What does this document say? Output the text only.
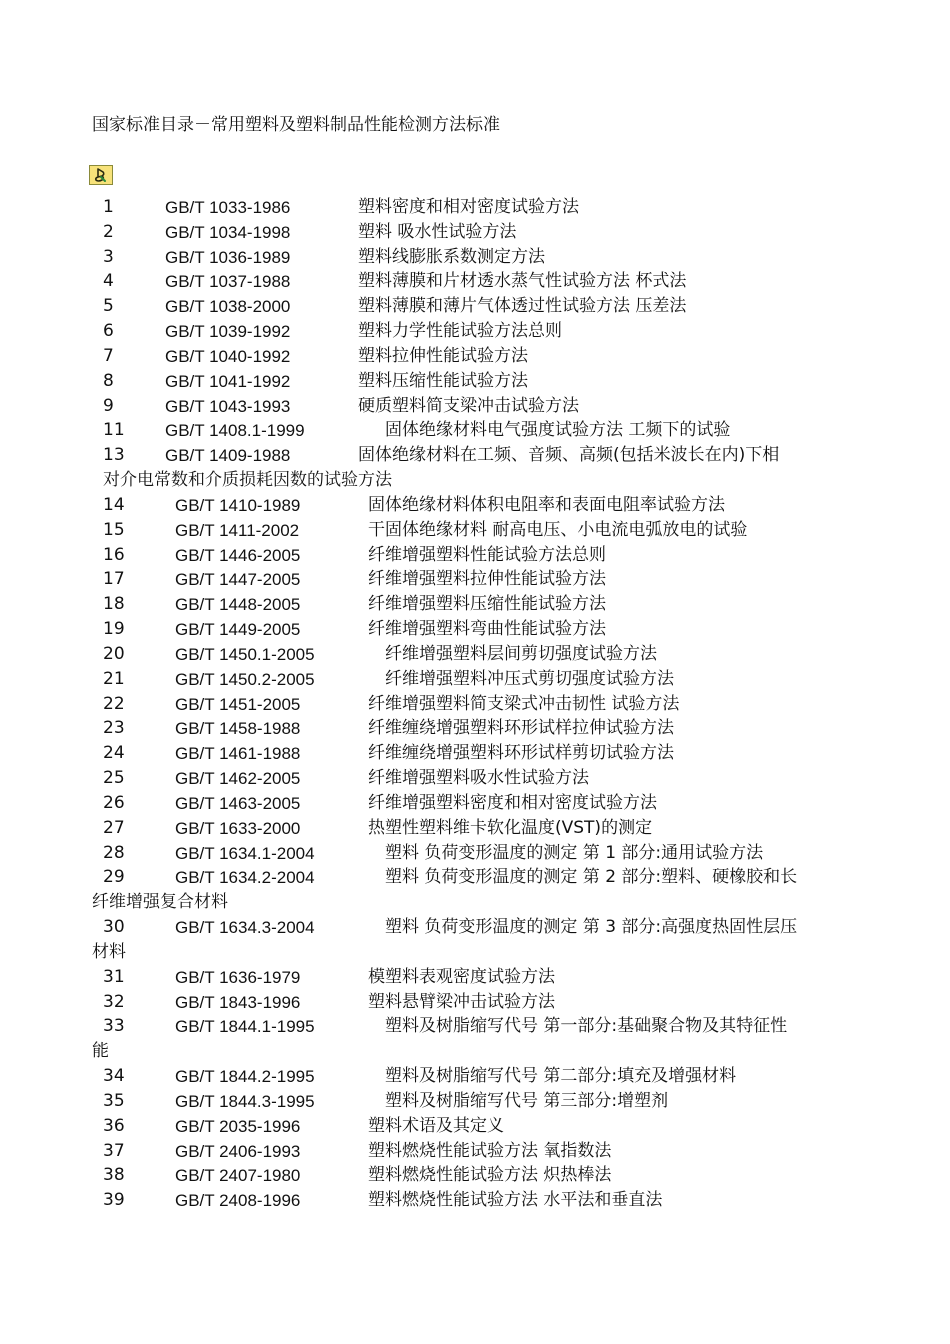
国家标准目录－常用塑料及塑料制品性能检测方法标准
1	GB/T 1033-1986	塑料密度和相对密度试验方法
2	GB/T 1034-1998	塑料 吸水性试验方法
3	GB/T 1036-1989	塑料线膨胀系数测定方法
4	GB/T 1037-1988	塑料薄膜和片材透水蒸气性试验方法 杯式法
5	GB/T 1038-2000	塑料薄膜和薄片气体透过性试验方法 压差法
6	GB/T 1039-1992	塑料力学性能试验方法总则
7	GB/T 1040-1992	塑料拉伸性能试验方法
8	GB/T 1041-1992	塑料压缩性能试验方法
9	GB/T 1043-1993	硬质塑料简支梁冲击试验方法
11 GB/T 1408.1-1999	固体绝缘材料电气强度试验方法 工频下的试验
13 GB/T 1409-1988	固体绝缘材料在工频、音频、高频(包括米波长在内)下相
对介电常数和介质损耗因数的试验方法
14	GB/T 1410-1989	固体绝缘材料体积电阻率和表面电阻率试验方法
15	GB/T 1411-2002	干固体绝缘材料 耐高电压、小电流电弧放电的试验
16	GB/T 1446-2005	纤维增强塑料性能试验方法总则
17	GB/T 1447-2005	纤维增强塑料拉伸性能试验方法
18	GB/T 1448-2005	纤维增强塑料压缩性能试验方法
19	GB/T 1449-2005	纤维增强塑料弯曲性能试验方法
20	GB/T 1450.1-2005	纤维增强塑料层间剪切强度试验方法
21	GB/T 1450.2-2005	纤维增强塑料冲压式剪切强度试验方法
22	GB/T 1451-2005	纤维增强塑料简支梁式冲击韧性 试验方法
23	GB/T 1458-1988	纤维缠绕增强塑料环形试样拉伸试验方法
24	GB/T 1461-1988	纤维缠绕增强塑料环形试样剪切试验方法
25	GB/T 1462-2005	纤维增强塑料吸水性试验方法
26	GB/T 1463-2005	纤维增强塑料密度和相对密度试验方法
27	GB/T 1633-2000	热塑性塑料维卡软化温度(VST)的测定
28	GB/T 1634.1-2004	塑料 负荷变形温度的测定 第 1 部分:通用试验方法
29	GB/T 1634.2-2004	塑料 负荷变形温度的测定 第 2 部分:塑料、硬橡胶和长
纤维增强复合材料
30	GB/T 1634.3-2004	塑料 负荷变形温度的测定 第 3 部分:高强度热固性层压
材料
31	GB/T 1636-1979	模塑料表观密度试验方法
32	GB/T 1843-1996	塑料悬臂梁冲击试验方法
33	GB/T 1844.1-1995	塑料及树脂缩写代号 第一部分:基础聚合物及其特征性
能
34	GB/T 1844.2-1995	塑料及树脂缩写代号 第二部分:填充及增强材料
35	GB/T 1844.3-1995	塑料及树脂缩写代号 第三部分:增塑剂
36	GB/T 2035-1996	塑料术语及其定义
37	GB/T 2406-1993	塑料燃烧性能试验方法 氧指数法
38	GB/T 2407-1980	塑料燃烧性能试验方法 炽热棒法
39	GB/T 2408-1996	塑料燃烧性能试验方法 水平法和垂直法
